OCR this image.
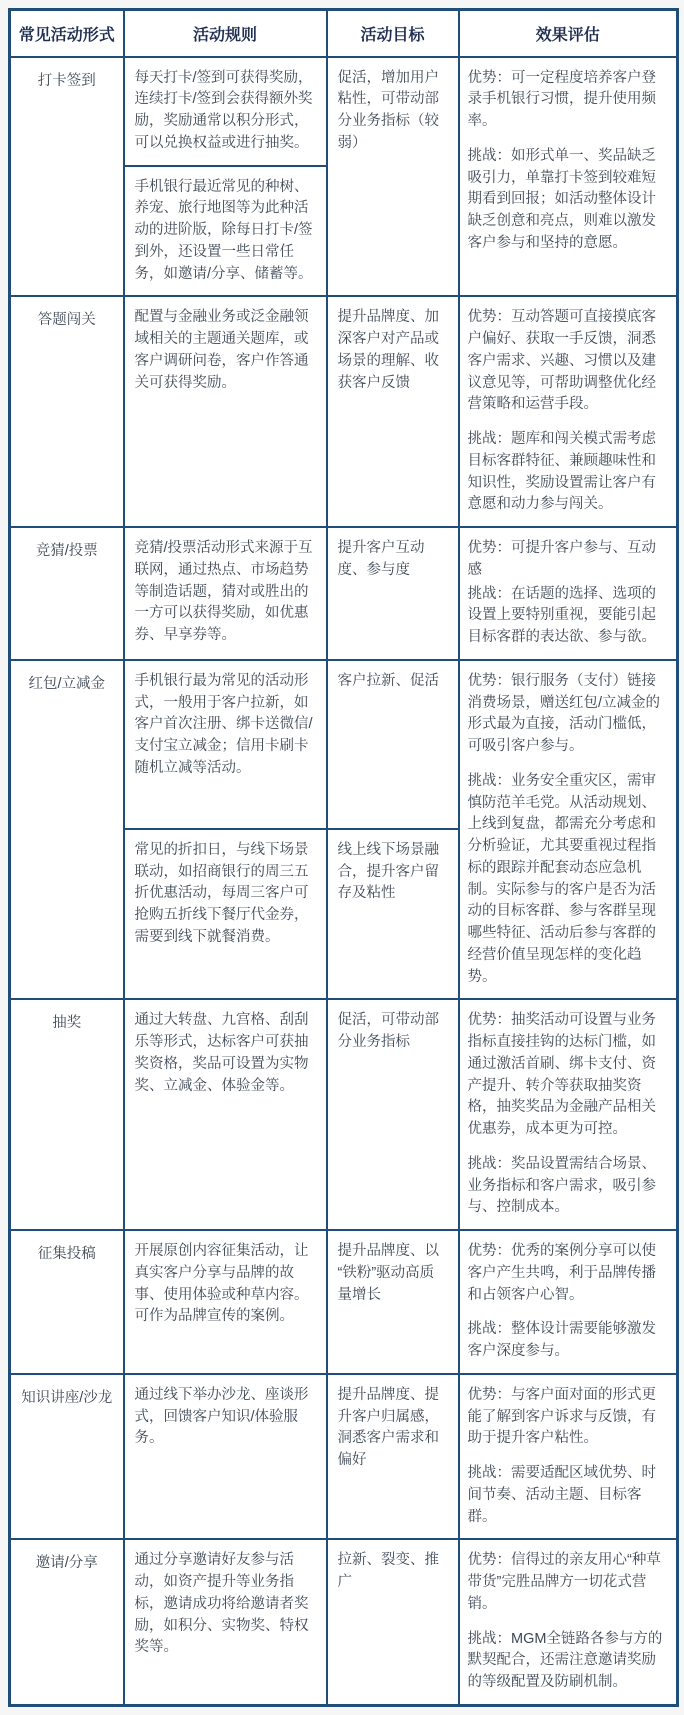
常见活动形式	活动规则	活动目标	效果评估

打卡签到	每天打卡/签到可获得奖励，连续打卡/签到会获得额外奖励，奖励通常以积分形式，可以兑换权益或进行抽奖。	促活，增加用户粘性，可带动部分业务指标（较弱）	优势：可一定程度培养客户登录手机银行习惯，提升使用频率。

挑战：如形式单一、奖品缺乏吸引力，单靠打卡签到较难短期看到回报；如活动整体设计缺乏创意和亮点，则难以激发客户参与和坚持的意愿。

	手机银行最近常见的种树、养宠、旅行地图等为此种活动的进阶版，除每日打卡/签到外，还设置一些日常任务，如邀请/分享、储蓄等。		

答题闯关	配置与金融业务或泛金融领域相关的主题通关题库，或客户调研问卷，客户作答通关可获得奖励。	提升品牌度、加深客户对产品或场景的理解、收获客户反馈	优势：互动答题可直接摸底客户偏好、获取一手反馈，洞悉客户需求、兴趣、习惯以及建议意见等，可帮助调整优化经营策略和运营手段。

挑战：题库和闯关模式需考虑目标客群特征、兼顾趣味性和知识性，奖励设置需让客户有意愿和动力参与闯关。

竞猜/投票	竞猜/投票活动形式来源于互联网，通过热点、市场趋势等制造话题，猜对或胜出的一方可以获得奖励，如优惠券、早享券等。	提升客户互动度、参与度	优势：可提升客户参与、互动感

挑战：在话题的选择、选项的设置上要特别重视，要能引起目标客群的表达欲、参与欲。

红包/立减金	手机银行最为常见的活动形式，一般用于客户拉新，如客户首次注册、绑卡送微信/支付宝立减金；信用卡刷卡随机立减等活动。	客户拉新、促活	优势：银行服务（支付）链接消费场景，赠送红包/立减金的形式最为直接，活动门槛低，可吸引客户参与。

挑战：业务安全重灾区，需审慎防范羊毛党。从活动规划、上线到复盘，都需充分考虑和分析验证，尤其要重视过程指标的跟踪并配套动态应急机制。实际参与的客户是否为活动的目标客群、参与客群呈现哪些特征、活动后参与客群的经营价值呈现怎样的变化趋势。

	常见的折扣日，与线下场景联动，如招商银行的周三五折优惠活动，每周三客户可抢购五折线下餐厅代金券，需要到线下就餐消费。	线上线下场景融合，提升客户留存及粘性	

抽奖	通过大转盘、九宫格、刮刮乐等形式，达标客户可获抽奖资格，奖品可设置为实物奖、立减金、体验金等。	促活，可带动部分业务指标	优势：抽奖活动可设置与业务指标直接挂钩的达标门槛，如通过激活首刷、绑卡支付、资产提升、转介等获取抽奖资格，抽奖奖品为金融产品相关优惠券，成本更为可控。

挑战：奖品设置需结合场景、业务指标和客户需求，吸引参与、控制成本。

征集投稿	开展原创内容征集活动，让真实客户分享与品牌的故事、使用体验或种草内容。可作为品牌宣传的案例。	提升品牌度、以“铁粉”驱动高质量增长	优势：优秀的案例分享可以使客户产生共鸣，利于品牌传播和占领客户心智。

挑战：整体设计需要能够激发客户深度参与。

知识讲座/沙龙	通过线下举办沙龙、座谈形式，回馈客户知识/体验服务。	提升品牌度、提升客户归属感，洞悉客户需求和偏好	优势：与客户面对面的形式更能了解到客户诉求与反馈，有助于提升客户粘性。

挑战：需要适配区域优势、时间节奏、活动主题、目标客群。

邀请/分享	通过分享邀请好友参与活动，如资产提升等业务指标，邀请成功将给邀请者奖励，如积分、实物奖、特权奖等。	拉新、裂变、推广	优势：信得过的亲友用心“种草带货”完胜品牌方一切花式营销。

挑战：MGM全链路各参与方的默契配合，还需注意邀请奖励的等级配置及防刷机制。
